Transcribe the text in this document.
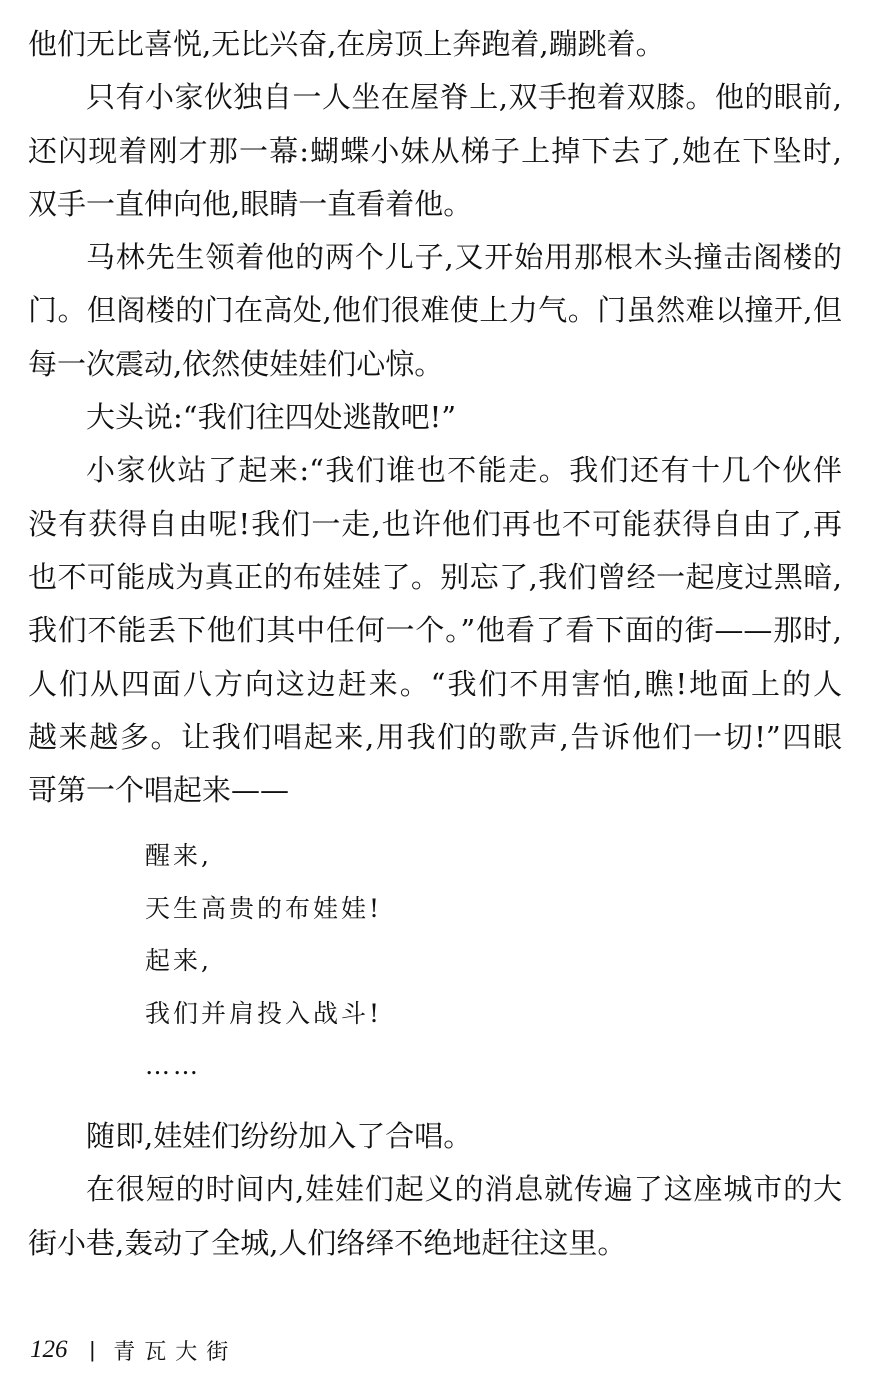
他们无比喜悦,无比兴奋,在房顶上奔跑着,蹦跳着。
只有小家伙独自一人坐在屋脊上,双手抱着双膝。他的眼前,
还闪现着刚才那一幕:蝴蝶小妹从梯子上掉下去了,她在下坠时,
双手一直伸向他,眼睛一直看着他。
马林先生领着他的两个儿子,又开始用那根木头撞击阁楼的
门。但阁楼的门在高处,他们很难使上力气。门虽然难以撞开,但
每一次震动,依然使娃娃们心惊。
大头说:“我们往四处逃散吧!”
小家伙站了起来:“我们谁也不能走。我们还有十几个伙伴
没有获得自由呢!我们一走,也许他们再也不可能获得自由了,再
也不可能成为真正的布娃娃了。别忘了,我们曾经一起度过黑暗,
我们不能丢下他们其中任何一个。”他看了看下面的街——那时,
人们从四面八方向这边赶来。“我们不用害怕,瞧!地面上的人
越来越多。让我们唱起来,用我们的歌声,告诉他们一切!”四眼
哥第一个唱起来——
醒来,
天生高贵的布娃娃!
起来,
我们并肩投入战斗!
……
随即,娃娃们纷纷加入了合唱。
在很短的时间内,娃娃们起义的消息就传遍了这座城市的大
街小巷,轰动了全城,人们络绎不绝地赶往这里。
126 | 青瓦大街
